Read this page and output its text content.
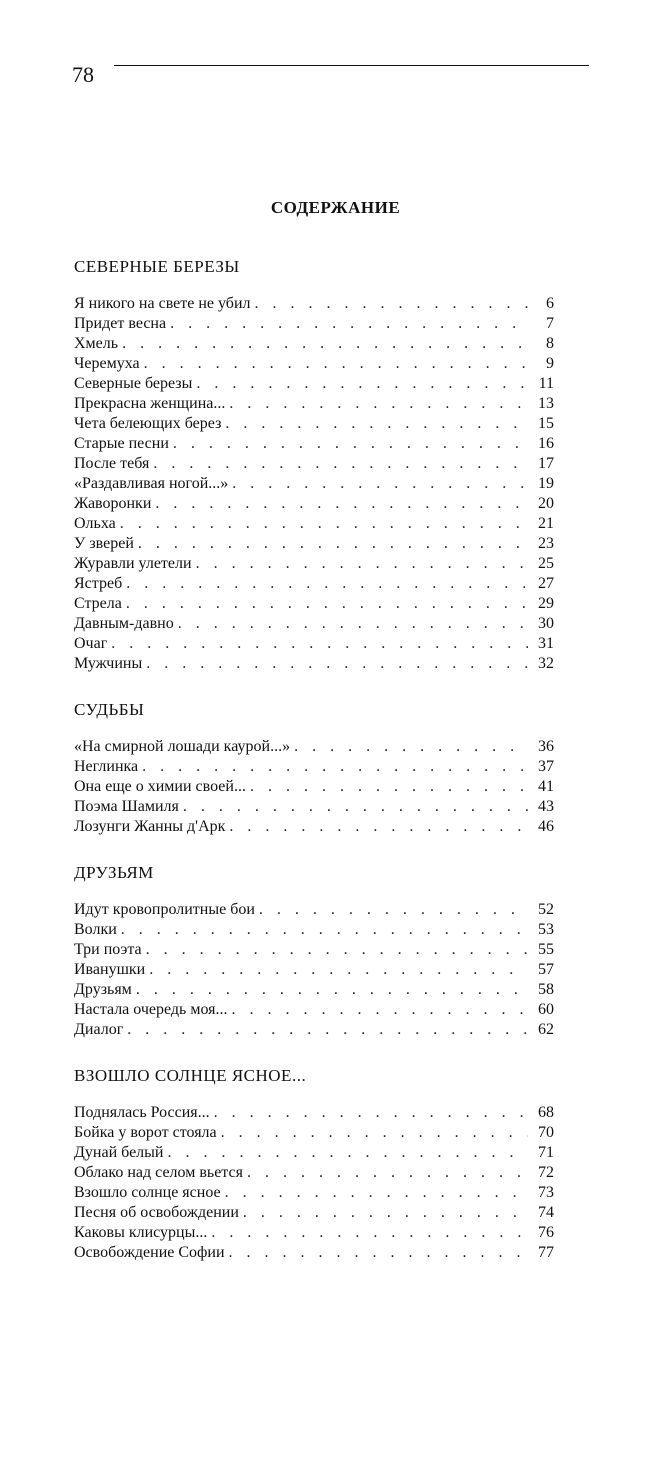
78
СОДЕРЖАНИЕ
СЕВЕРНЫЕ БЕРЕЗЫ
Я никого на свете не убил . . .	6
Придет весна . . .	7
Хмель . . .	8
Черемуха . . .	9
Северные березы . . .	11
Прекрасна женщина... . . .	13
Чета белеющих берез . . .	15
Старые песни . . .	16
После тебя . . .	17
«Раздавливая ногой...» . . .	19
Жаворонки . . .	20
Ольха . . .	21
У зверей . . .	23
Журавли улетели . . .	25
Ястреб . . .	27
Стрела . . .	29
Давным-давно . . .	30
Очаг . . .	31
Мужчины . . .	32
СУДЬБЫ
«На смирной лошади каурой...» . . .	36
Неглинка . . .	37
Она еще о химии своей... . . .	41
Поэма Шамиля . . .	43
Лозунги Жанны д'Арк . . .	46
ДРУЗЬЯМ
Идут кровопролитные бои . . .	52
Волки . . .	53
Три поэта . . .	55
Иванушки . . .	57
Друзьям . . .	58
Настала очередь моя... . . .	60
Диалог . . .	62
ВЗОШЛО СОЛНЦЕ ЯСНОЕ...
Поднялась Россия... . . .	68
Бойка у ворот стояла . . .	70
Дунай белый . . .	71
Облако над селом вьется . . .	72
Взошло солнце ясное . . .	73
Песня об освобождении . . .	74
Каковы клисурцы... . . .	76
Освобождение Софии . . .	77
